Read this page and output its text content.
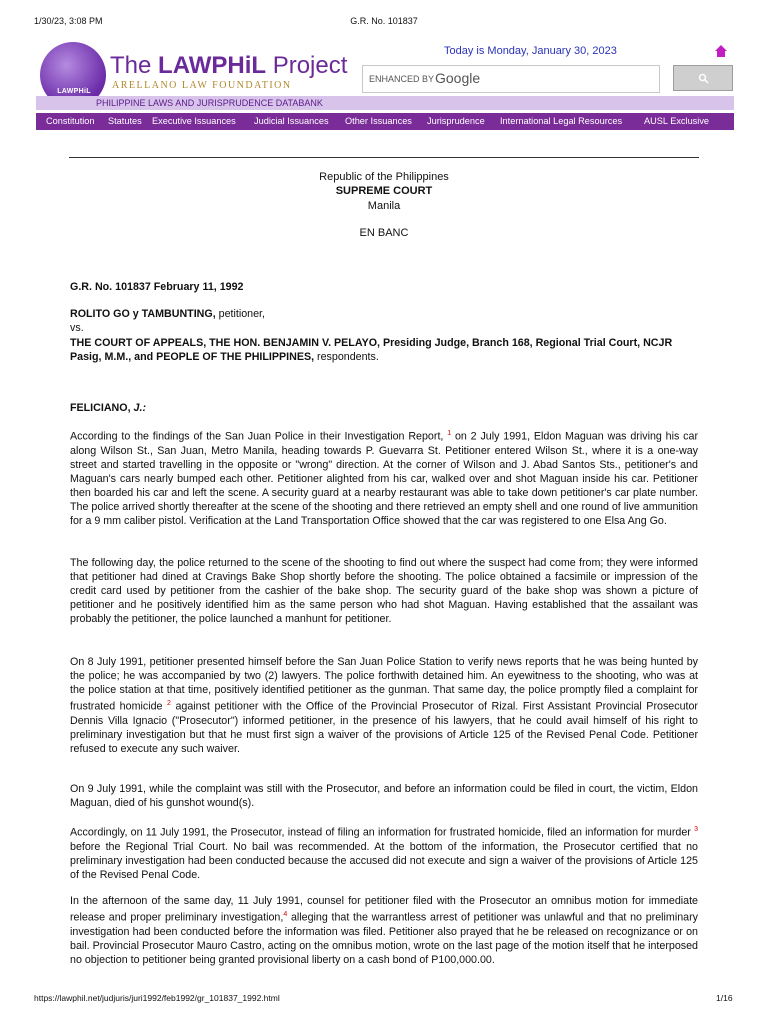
1/30/23, 3:08 PM	G.R. No. 101837
LAWPHiL
The LAWPHiL Project
ARELLANO LAW FOUNDATION
PHILIPPINE LAWS AND JURISPRUDENCE DATABANK
Today is Monday, January 30, 2023
ENHANCED BY Google
Constitution Statutes Executive Issuances Judicial Issuances Other Issuances Jurisprudence International Legal Resources AUSL Exclusive
Republic of the Philippines
SUPREME COURT
Manila
EN BANC
G.R. No. 101837 February 11, 1992
ROLITO GO y TAMBUNTING, petitioner,
vs.
THE COURT OF APPEALS, THE HON. BENJAMIN V. PELAYO, Presiding Judge, Branch 168, Regional Trial Court, NCJR Pasig, M.M., and PEOPLE OF THE PHILIPPINES, respondents.
FELICIANO, J.:
According to the findings of the San Juan Police in their Investigation Report, $^1$ on 2 July 1991, Eldon Maguan was driving his car along Wilson St., San Juan, Metro Manila, heading towards P. Guevarra St. Petitioner entered Wilson St., where it is a one-way street and started travelling in the opposite or "wrong" direction. At the corner of Wilson and J. Abad Santos Sts., petitioner's and Maguan's cars nearly bumped each other. Petitioner alighted from his car, walked over and shot Maguan inside his car. Petitioner then boarded his car and left the scene. A security guard at a nearby restaurant was able to take down petitioner's car plate number. The police arrived shortly thereafter at the scene of the shooting and there retrieved an empty shell and one round of live ammunition for a 9 mm caliber pistol. Verification at the Land Transportation Office showed that the car was registered to one Elsa Ang Go.
The following day, the police returned to the scene of the shooting to find out where the suspect had come from; they were informed that petitioner had dined at Cravings Bake Shop shortly before the shooting. The police obtained a facsimile or impression of the credit card used by petitioner from the cashier of the bake shop. The security guard of the bake shop was shown a picture of petitioner and he positively identified him as the same person who had shot Maguan. Having established that the assailant was probably the petitioner, the police launched a manhunt for petitioner.
On 8 July 1991, petitioner presented himself before the San Juan Police Station to verify news reports that he was being hunted by the police; he was accompanied by two (2) lawyers. The police forthwith detained him. An eyewitness to the shooting, who was at the police station at that time, positively identified petitioner as the gunman. That same day, the police promptly filed a complaint for frustrated homicide $^2$ against petitioner with the Office of the Provincial Prosecutor of Rizal. First Assistant Provincial Prosecutor Dennis Villa Ignacio ("Prosecutor") informed petitioner, in the presence of his lawyers, that he could avail himself of his right to preliminary investigation but that he must first sign a waiver of the provisions of Article 125 of the Revised Penal Code. Petitioner refused to execute any such waiver.
On 9 July 1991, while the complaint was still with the Prosecutor, and before an information could be filed in court, the victim, Eldon Maguan, died of his gunshot wound(s).
Accordingly, on 11 July 1991, the Prosecutor, instead of filing an information for frustrated homicide, filed an information for murder $^3$ before the Regional Trial Court. No bail was recommended. At the bottom of the information, the Prosecutor certified that no preliminary investigation had been conducted because the accused did not execute and sign a waiver of the provisions of Article 125 of the Revised Penal Code.
In the afternoon of the same day, 11 July 1991, counsel for petitioner filed with the Prosecutor an omnibus motion for immediate release and proper preliminary investigation,$^4$ alleging that the warrantless arrest of petitioner was unlawful and that no preliminary investigation had been conducted before the information was filed. Petitioner also prayed that he be released on recognizance or on bail. Provincial Prosecutor Mauro Castro, acting on the omnibus motion, wrote on the last page of the motion itself that he interposed no objection to petitioner being granted provisional liberty on a cash bond of P100,000.00.
https://lawphil.net/judjuris/juri1992/feb1992/gr_101837_1992.html	1/16
